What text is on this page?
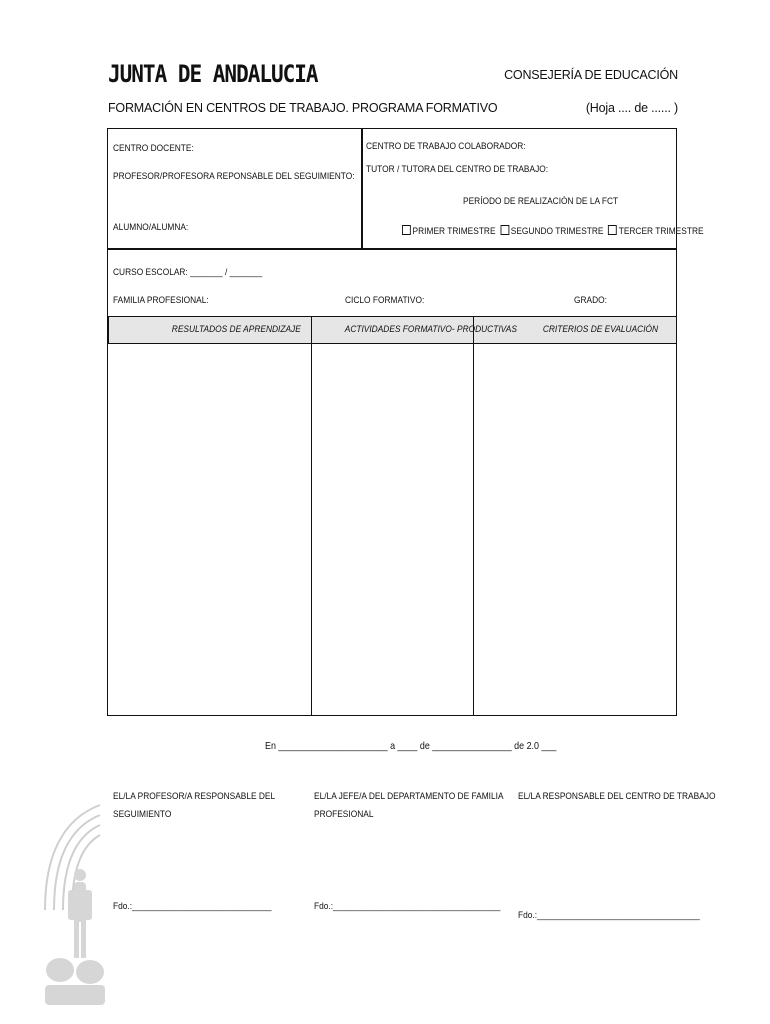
JUNTA DE ANDALUCIA	CONSEJERÍA DE EDUCACIÓN
FORMACIÓN EN CENTROS DE TRABAJO. PROGRAMA FORMATIVO	(Hoja .... de ...... )
CENTRO DOCENTE:
PROFESOR/PROFESORA REPONSABLE DEL SEGUIMIENTO:
ALUMNO/ALUMNA:
CENTRO DE TRABAJO COLABORADOR:
TUTOR / TUTORA DEL CENTRO DE TRABAJO:
PERÍODO DE REALIZACIÓN DE LA FCT
PRIMER TRIMESTRE SEGUNDO TRIMESTRE TERCER TRIMESTRE
CURSO ESCOLAR: _______ / _______
FAMILIA PROFESIONAL:	CICLO FORMATIVO:	GRADO:
RESULTADOS DE APRENDIZAJE	ACTIVIDADES FORMATIVO- PRODUCTIVAS	CRITERIOS DE EVALUACIÓN
En ______________________ a ____ de ________________ de 2.0 ___
EL/LA PROFESOR/A RESPONSABLE DEL
SEGUIMIENTO
EL/LA JEFE/A DEL DEPARTAMENTO DE FAMILIA
PROFESIONAL
EL/LA RESPONSABLE DEL CENTRO DE TRABAJO
Fdo.:______________________________	Fdo.:____________________________________
Fdo.:___________________________________
